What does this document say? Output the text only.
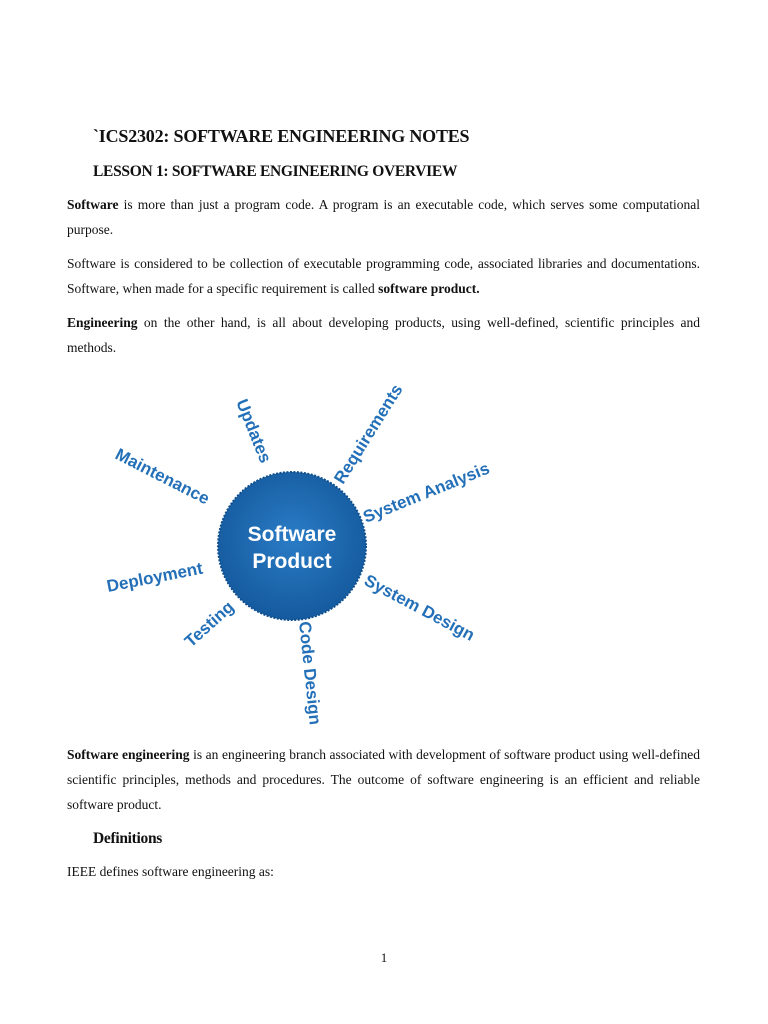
`ICS2302: SOFTWARE ENGINEERING NOTES
LESSON 1: SOFTWARE ENGINEERING OVERVIEW

Software is more than just a program code. A program is an executable code, which serves some computational purpose.

Software is considered to be collection of executable programming code, associated libraries and documentations. Software, when made for a specific requirement is called software product.

Engineering on the other hand, is all about developing products, using well-defined, scientific principles and methods.

Software
Product
Updates	Requirements
Maintenance	System Analysis
Deployment	System Design
Testing	Code Design

Software engineering is an engineering branch associated with development of software product using well-defined scientific principles, methods and procedures. The outcome of software engineering is an efficient and reliable software product.

Definitions

IEEE defines software engineering as:

1
